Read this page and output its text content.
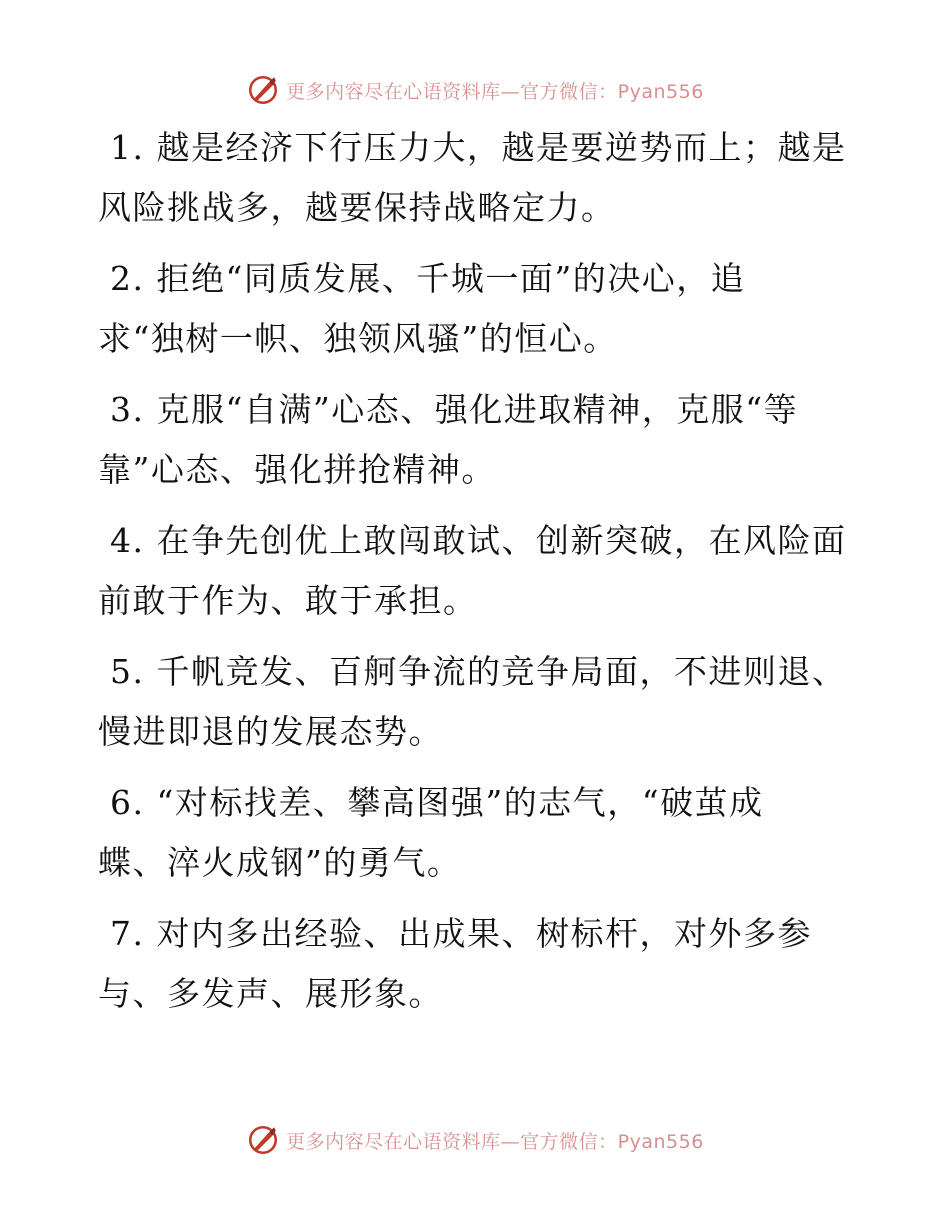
更多内容尽在心语资料库—官方微信：Pyan556
1. 越是经济下行压力大，越是要逆势而上；越是
风险挑战多，越要保持战略定力。
2. 拒绝“同质发展、千城一面”的决心，追
求“独树一帜、独领风骚”的恒心。
3. 克服“自满”心态、强化进取精神，克服“等
靠”心态、强化拼抢精神。
4. 在争先创优上敢闯敢试、创新突破，在风险面
前敢于作为、敢于承担。
5. 千帆竞发、百舸争流的竞争局面，不进则退、
慢进即退的发展态势。
6. “对标找差、攀高图强”的志气，“破茧成
蝶、淬火成钢”的勇气。
7. 对内多出经验、出成果、树标杆，对外多参
与、多发声、展形象。
更多内容尽在心语资料库—官方微信：Pyan556
